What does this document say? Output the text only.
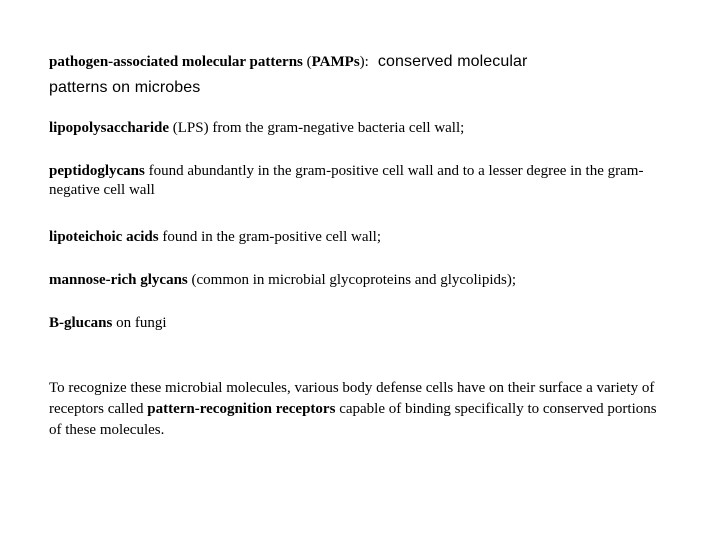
pathogen-associated molecular patterns (PAMPs):  conserved molecular
patterns on microbes

lipopolysaccharide (LPS) from the gram-negative bacteria cell wall;

peptidoglycans found abundantly in the gram-positive cell wall and to a lesser degree in the gram-negative cell wall

lipoteichoic acids found in the gram-positive cell wall;

mannose-rich glycans (common in microbial glycoproteins and glycolipids);

B-glucans on fungi

To recognize these microbial molecules, various body defense cells have on their surface a variety of receptors called pattern-recognition receptors capable of binding specifically to conserved portions of these molecules.
